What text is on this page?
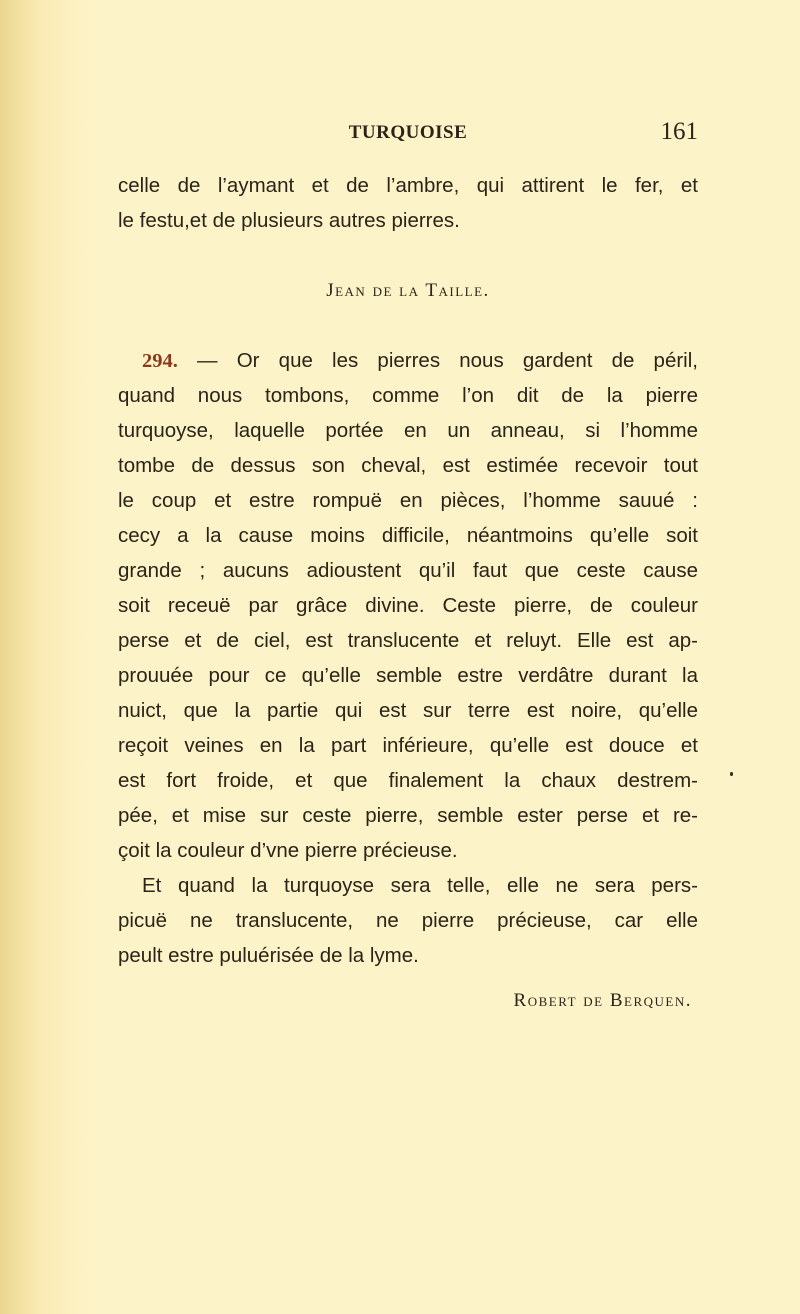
TURQUOISE	161
celle de l’aymant et de l’ambre, qui attirent le fer, et
le festu,et de plusieurs autres pierres.
Jean de la Taille.
294. — Or que les pierres nous gardent de péril,
quand nous tombons, comme l’on dit de la pierre
turquoyse, laquelle portée en un anneau, si l’homme
tombe de dessus son cheval, est estimée recevoir tout
le coup et estre rompuë en pièces, l’homme sauué :
cecy a la cause moins difficile, néantmoins qu’elle soit
grande ; aucuns adioustent qu’il faut que ceste cause
soit receuë par grâce divine. Ceste pierre, de couleur
perse et de ciel, est translucente et reluyt. Elle est ap-
prouuée pour ce qu’elle semble estre verdâtre durant la
nuict, que la partie qui est sur terre est noire, qu’elle
reçoit veines en la part inférieure, qu’elle est douce et
est fort froide, et que finalement la chaux destrem-
pée, et mise sur ceste pierre, semble ester perse et re-
çoit la couleur d’vne pierre précieuse.
Et quand la turquoyse sera telle, elle ne sera pers-
picuë ne translucente, ne pierre précieuse, car elle
peult estre puluérisée de la lyme.
Robert de Berquen.
